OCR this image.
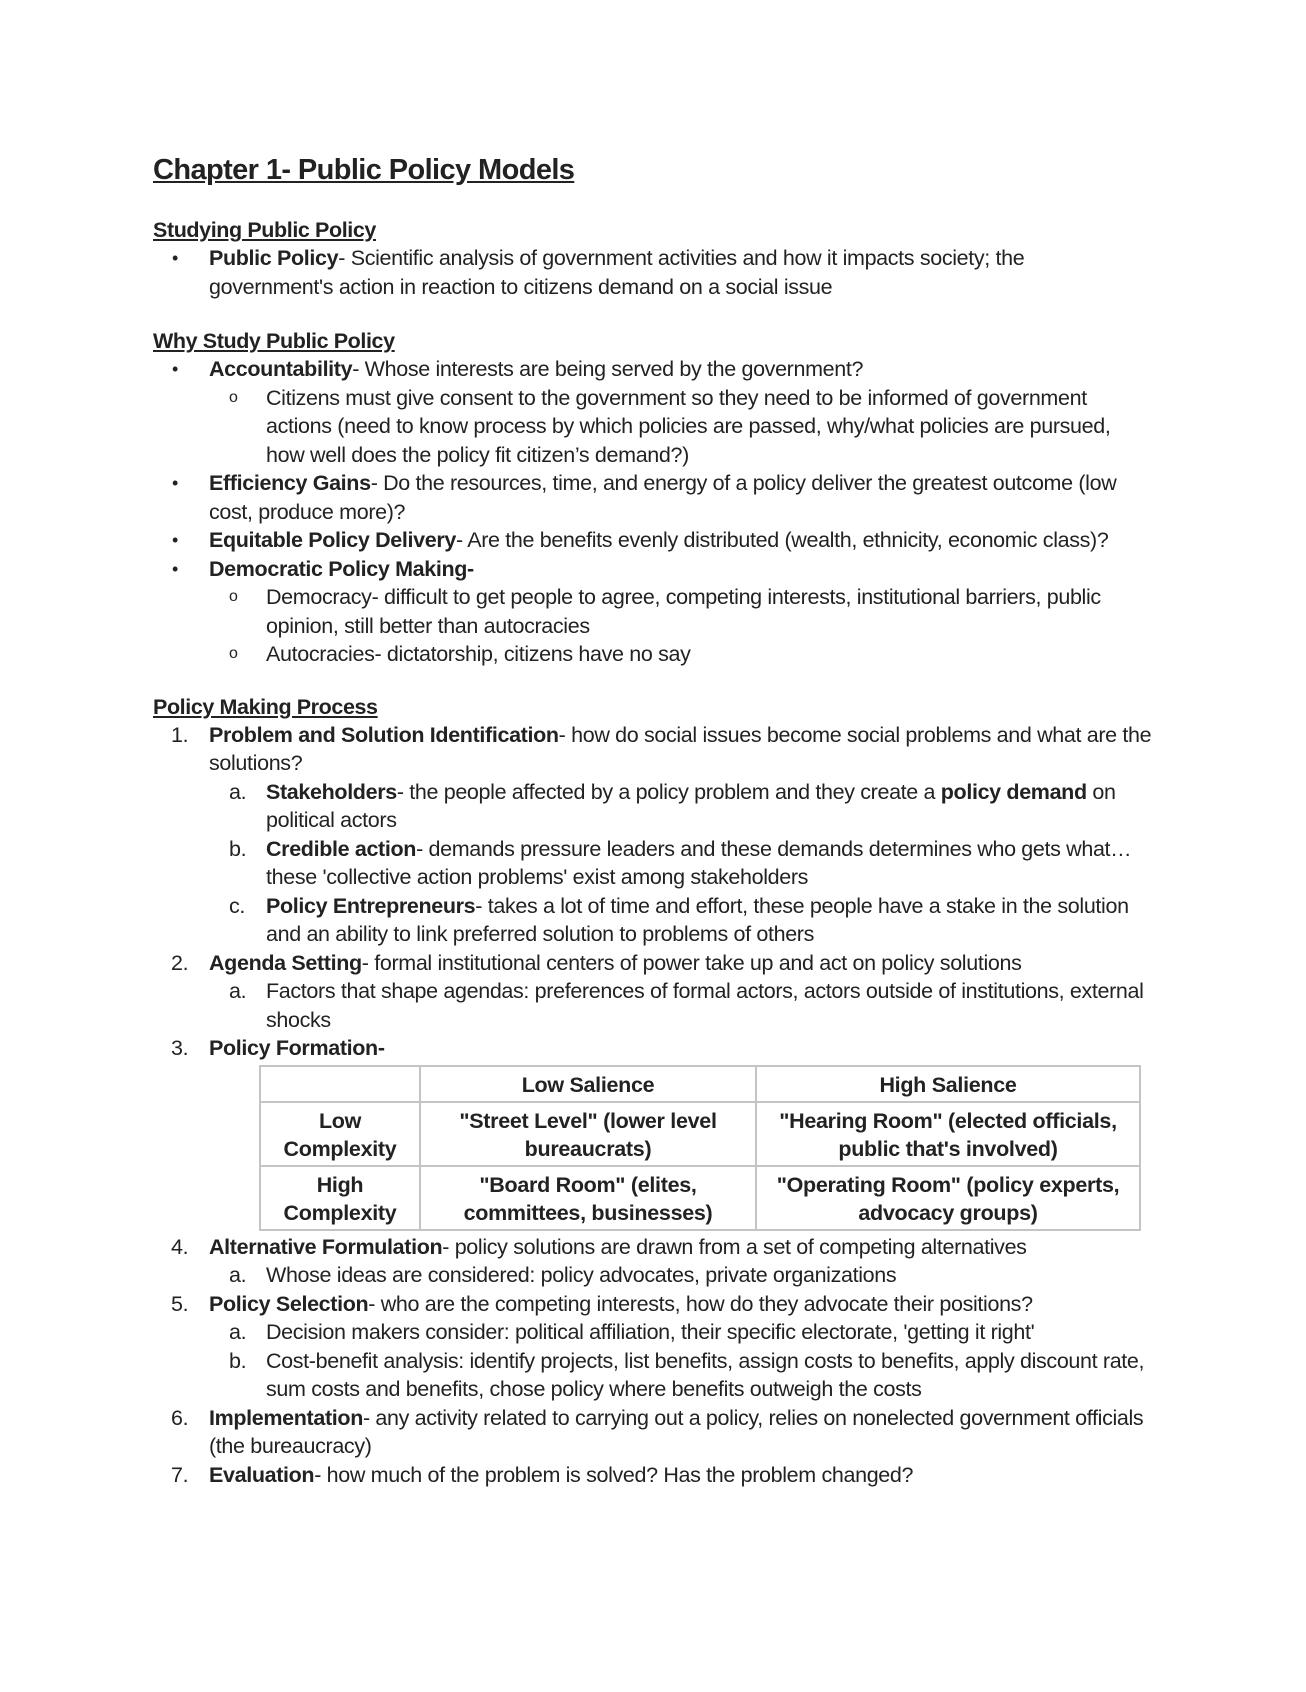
Chapter 1- Public Policy Models
Studying Public Policy
• Public Policy- Scientific analysis of government activities and how it impacts society; the government's action in reaction to citizens demand on a social issue
Why Study Public Policy
• Accountability- Whose interests are being served by the government?
o Citizens must give consent to the government so they need to be informed of government actions (need to know process by which policies are passed, why/what policies are pursued, how well does the policy fit citizen’s demand?)
• Efficiency Gains- Do the resources, time, and energy of a policy deliver the greatest outcome (low cost, produce more)?
• Equitable Policy Delivery- Are the benefits evenly distributed (wealth, ethnicity, economic class)?
• Democratic Policy Making-
o Democracy- difficult to get people to agree, competing interests, institutional barriers, public opinion, still better than autocracies
o Autocracies- dictatorship, citizens have no say
Policy Making Process
1. Problem and Solution Identification- how do social issues become social problems and what are the solutions?
a. Stakeholders- the people affected by a policy problem and they create a policy demand on political actors
b. Credible action- demands pressure leaders and these demands determines who gets what… these 'collective action problems' exist among stakeholders
c. Policy Entrepreneurs- takes a lot of time and effort, these people have a stake in the solution and an ability to link preferred solution to problems of others
2. Agenda Setting- formal institutional centers of power take up and act on policy solutions
a. Factors that shape agendas: preferences of formal actors, actors outside of institutions, external shocks
3. Policy Formation-
	Low Salience	High Salience
Low Complexity	"Street Level" (lower level bureaucrats)	"Hearing Room" (elected officials, public that's involved)
High Complexity	"Board Room" (elites, committees, businesses)	"Operating Room" (policy experts, advocacy groups)
4. Alternative Formulation- policy solutions are drawn from a set of competing alternatives
a. Whose ideas are considered: policy advocates, private organizations
5. Policy Selection- who are the competing interests, how do they advocate their positions?
a. Decision makers consider: political affiliation, their specific electorate, 'getting it right'
b. Cost-benefit analysis: identify projects, list benefits, assign costs to benefits, apply discount rate, sum costs and benefits, chose policy where benefits outweigh the costs
6. Implementation- any activity related to carrying out a policy, relies on nonelected government officials (the bureaucracy)
7. Evaluation- how much of the problem is solved? Has the problem changed?
